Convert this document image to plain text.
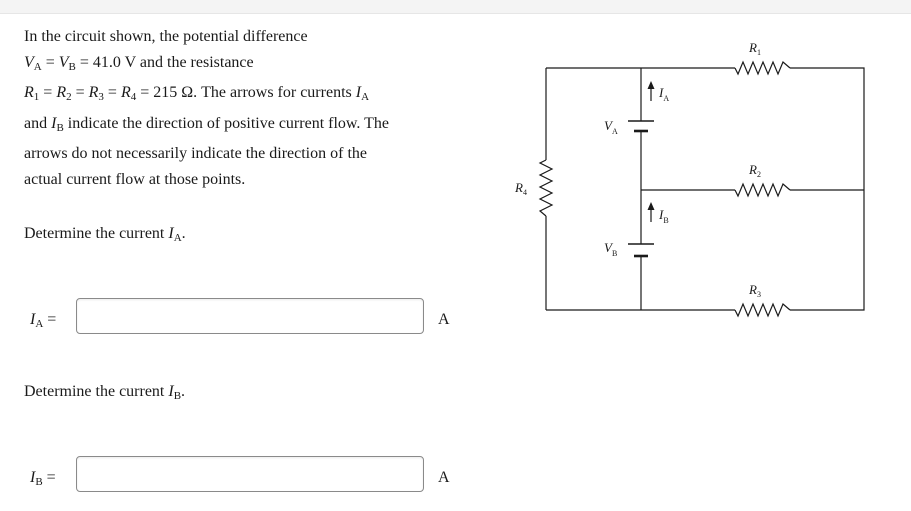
In the circuit shown, the potential difference

$V_A = V_B = 41.0$ V and the resistance

$R_1 = R_2 = R_3 = R_4 = 215$ Ω. The arrows for currents $I_A$

and $I_B$ indicate the direction of positive current flow. The

arrows do not necessarily indicate the direction of the

actual current flow at those points.

Determine the current $I_A$.
$I_A$ =	A
Determine the current $I_B$.
$I_B$ =	A
$R_1$
$R_2$
$R_3$
$R_4$
$V_A$
$V_B$
$I_A$
$I_B$
